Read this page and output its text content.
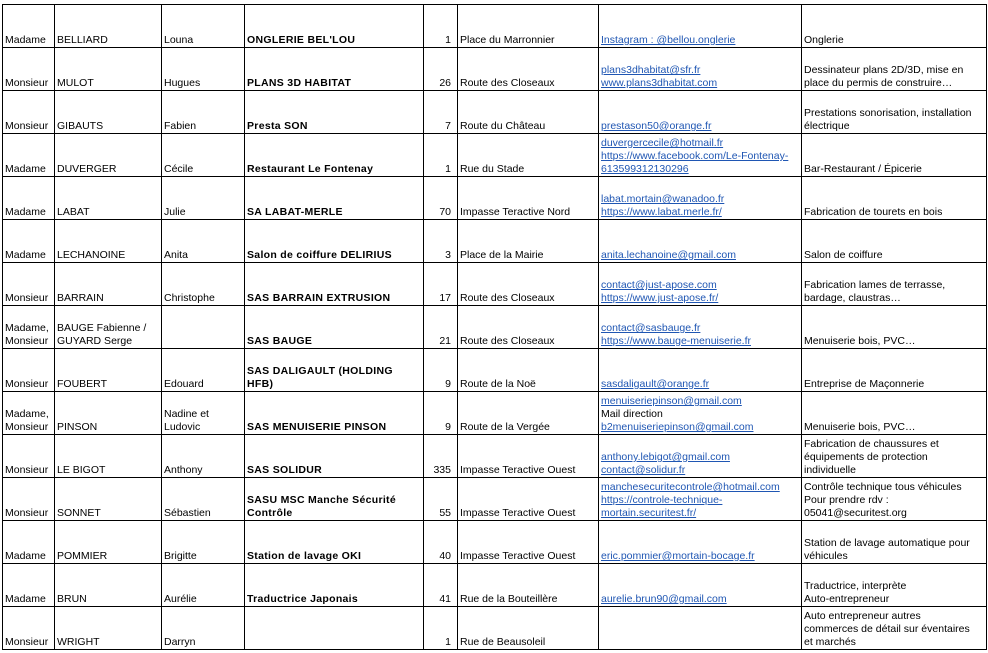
Madame	BELLIARD	Louna	ONGLERIE BEL'LOU	1	Place du Marronnier	Instagram : @bellou.onglerie	Onglerie

Monsieur	MULOT	Hugues	PLANS 3D HABITAT	26	Route des Closeaux	plans3dhabitat@sfr.fr
www.plans3dhabitat.com	Dessinateur plans 2D/3D, mise en
place du permis de construire…

Monsieur	GIBAUTS	Fabien	Presta SON	7	Route du Château	prestason50@orange.fr	Prestations sonorisation, installation
électrique

Madame	DUVERGER	Cécile	Restaurant Le Fontenay	1	Rue du Stade	duvergercecile@hotmail.fr
https://www.facebook.com/Le-Fontenay-
613599312130296	Bar-Restaurant / Épicerie

Madame	LABAT	Julie	SA LABAT-MERLE	70	Impasse Teractive Nord	labat.mortain@wanadoo.fr
https://www.labat.merle.fr/	Fabrication de tourets en bois

Madame	LECHANOINE	Anita	Salon de coiffure DELIRIUS	3	Place de la Mairie	anita.lechanoine@gmail.com	Salon de coiffure

Monsieur	BARRAIN	Christophe	SAS BARRAIN EXTRUSION	17	Route des Closeaux	contact@just-apose.com
https://www.just-apose.fr/	Fabrication lames de terrasse,
bardage, claustras…

Madame,
Monsieur	BAUGE Fabienne /
GUYARD Serge		SAS BAUGE	21	Route des Closeaux	contact@sasbauge.fr
https://www.bauge-menuiserie.fr	Menuiserie bois, PVC…

Monsieur	FOUBERT	Edouard	SAS DALIGAULT (HOLDING HFB)	9	Route de la Noë	sasdaligault@orange.fr	Entreprise de Maçonnerie

Madame,
Monsieur	PINSON	Nadine et
Ludovic	SAS MENUISERIE PINSON	9	Route de la Vergée	menuiseriepinson@gmail.com
Mail direction
b2menuiseriepinson@gmail.com	Menuiserie bois, PVC…

Monsieur	LE BIGOT	Anthony	SAS SOLIDUR	335	Impasse Teractive Ouest	anthony.lebigot@gmail.com
contact@solidur.fr	Fabrication de chaussures et
équipements de protection
individuelle

Monsieur	SONNET	Sébastien	SASU MSC Manche Sécurité Contrôle	55	Impasse Teractive Ouest	manchesecuritecontrole@hotmail.com
https://controle-technique-
mortain.securitest.fr/	Contrôle technique tous véhicules
Pour prendre rdv :
05041@securitest.org

Madame	POMMIER	Brigitte	Station de lavage OKI	40	Impasse Teractive Ouest	eric.pommier@mortain-bocage.fr	Station de lavage automatique pour
véhicules

Madame	BRUN	Aurélie	Traductrice Japonais	41	Rue de la Bouteillère	aurelie.brun90@gmail.com	Traductrice, interprète
Auto-entrepreneur

Monsieur	WRIGHT	Darryn		1	Rue de Beausoleil		Auto entrepreneur autres
commerces de détail sur éventaires
et marchés
